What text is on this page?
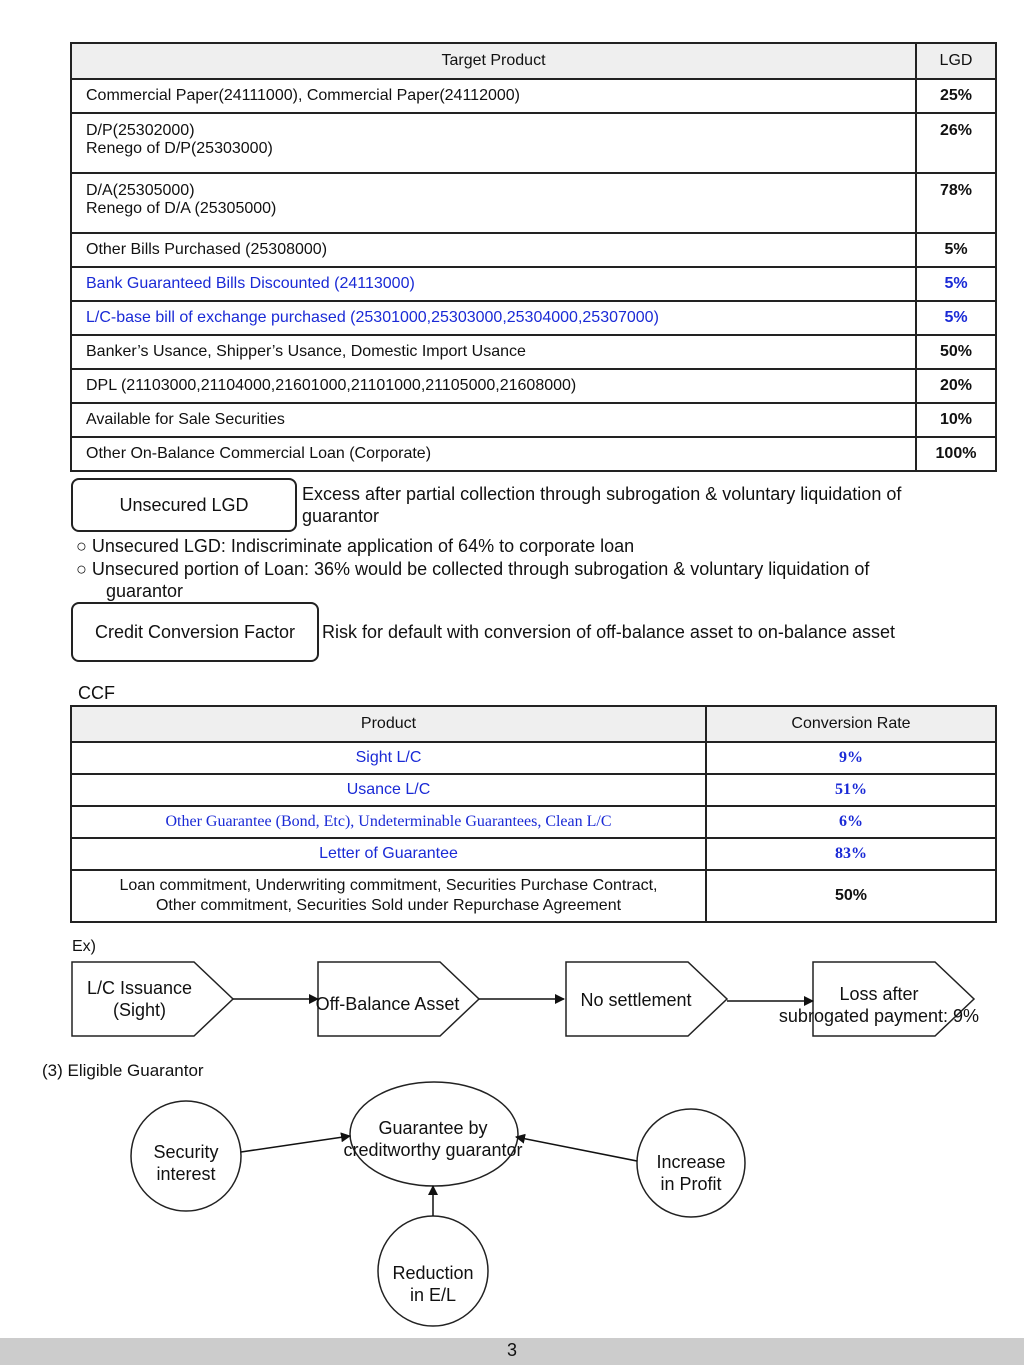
Target Product	LGD
Commercial Paper(24111000), Commercial Paper(24112000)	25%

D/P(25302000)
Renego of D/P(25303000)	26%

D/A(25305000)
Renego of D/A (25305000)	78%
Other Bills Purchased (25308000)	5%
Bank Guaranteed Bills Discounted (24113000)	5%
L/C-base bill of exchange purchased (25301000,25303000,25304000,25307000)	5%
Banker’s Usance, Shipper’s Usance, Domestic Import Usance	50%
DPL (21103000,21104000,21601000,21101000,21105000,21608000)	20%
Available for Sale Securities	10%
Other On-Balance Commercial Loan (Corporate)	100%
Unsecured LGD
Excess after partial collection through subrogation & voluntary liquidation of
guarantor
○ Unsecured LGD: Indiscriminate application of 64% to corporate loan
○ Unsecured portion of Loan: 36% would be collected through subrogation & voluntary liquidation of
guarantor
Credit Conversion Factor	Risk for default with conversion of off-balance asset to on-balance asset
CCF
Product	Conversion Rate
Sight L/C	9%
Usance L/C	51%
Other Guarantee (Bond, Etc), Undeterminable Guarantees, Clean L/C	6%
Letter of Guarantee	83%

Loan commitment, Underwriting commitment, Securities Purchase Contract,
Other commitment, Securities Sold under Repurchase Agreement	50%
Ex)
L/C Issuance
(Sight)	Off-Balance Asset	No settlement	Loss after
subrogated payment: 9%
(3) Eligible Guarantor
Guarantee by
creditworthy guarantor
Security
interest
Increase
in Profit
Reduction
in E/L
3
